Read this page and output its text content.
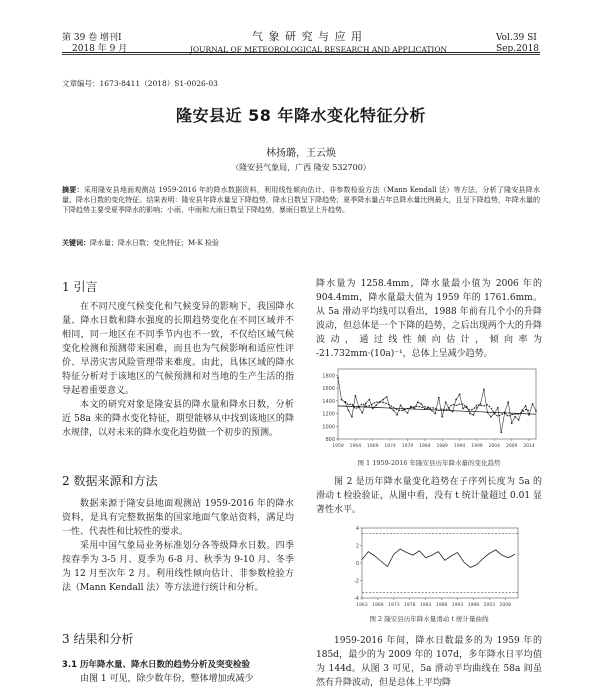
第 39 卷 增刊Ⅰ
2018 年 9 月
气 象 研 究 与 应 用
JOURNAL OF METEOROLOGICAL RESEARCH AND APPLICATION
Vol.39 SI
Sep.2018
文章编号：1673-8411（2018）S1-0026-03
隆安县近 58 年降水变化特征分析
林扬璐，王云焕
（隆安县气象局，广西 隆安 532700）
摘要：采用隆安县地面观测站 1959-2016 年的降水数据资料，利用线性倾向估计、非参数检验方法（Mann Kendall 法）等方法，分析了隆安县降水量、降水日数的变化特征。结果表明：隆安县年降水量呈下降趋势，降水日数呈下降趋势；夏季降水量占年总降水量比例最大，且呈下降趋势，年降水量的下降趋势主要受夏季降水的影响；小雨、中雨和大雨日数呈下降趋势，暴雨日数呈上升趋势。
关键词：降水量；降水日数；变化特征；M-K 检验
1 引言

在不同尺度气候变化和气候变异的影响下，我国降水量、降水日数和降水强度的长期趋势变化在不同区域并不相同，同一地区在不同季节内也不一致，不仅给区域气候变化检测和预测带来困难，而且也为气候影响和适应性评价、旱涝灾害风险管理带来难度。由此，具体区域的降水特征分析对于该地区的气候预测和对当地的生产生活的指导起着重要意义。

本文的研究对象是隆安县的降水量和降水日数，分析近 58a 来的降水变化特征，期望能够从中找到该地区的降水规律，以对未来的降水变化趋势做一个初步的预测。

2 数据来源和方法

数据来源于隆安县地面观测站 1959-2016 年的降水资料，是具有完整数据集的国家地面气象站资料，满足均一性、代表性和比较性的要求。

采用中国气象局业务标准划分各等级降水日数。四季按春季为 3-5 月、夏季为 6-8 月、秋季为 9-10 月、冬季为 12 月至次年 2 月。利用线性倾向估计、非参数检验方法（Mann Kendall 法）等方法进行统计和分析。

3 结果和分析
3.1 历年降水量、降水日数的趋势分析及突变检验

由图 1 可见，除少数年份，整体增加或减少

降水量为 1258.4mm，降水量最小值为 2006 年的 904.4mm，降水量最大值为 1959 年的 1761.6mm。从 5a 滑动平均线可以看出，1988 年前有几个小的升降波动，但总体是一个下降的趋势，之后出现两个大的升降波动，通过线性倾向估计，倾向率为 -21.732mm·(10a)⁻¹，总体上呈减少趋势。

800
1000
1200
1400
1600
1800
1959 1964 1969 1974 1979 1984 1989 1994 1999 2004 2009 2014
图 1 1959-2016 年隆安县历年降水量的变化趋势

图 2 是历年降水量变化趋势在子序列长度为 5a 的滑动 t 检验验证，从图中看，没有 t 统计量超过 0.01 显著性水平。

-4
-2
0
2
4
1963 1968 1973 1978 1983 1988 1993 1998 2003 2008
图 2 隆安县历年降水量滑动 t 统计量曲线

1959-2016 年间，降水日数最多的为 1959 年的 185d，最少的为 2009 年的 107d，多年降水日平均值为 144d。从图 3 可见，5a 滑动平均曲线在 58a 间虽然有升降波动，但是总体上平均降
